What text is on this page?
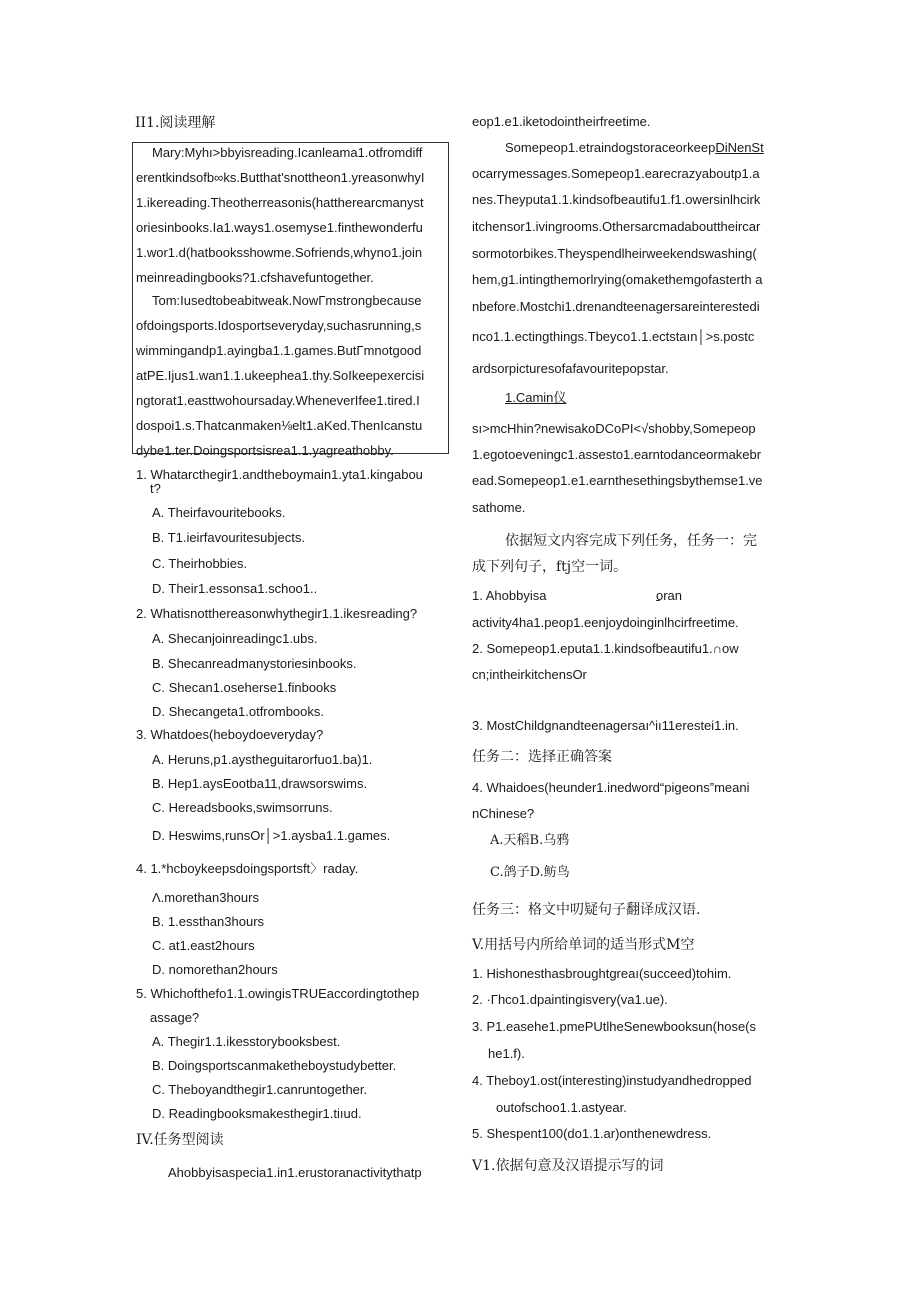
II1.阅读理解
Mary:Myhı>bbyisreading.Icanleama1.otfromdiff
erentkindsofb∞ks.Butthat'snottheon1.yreasonwhyI
1.ikereading.Theotherreasonis(hattherearcmanyst
oriesinbooks.Ia1.ways1.osemyse1.finthewonderfu
1.wor1.d(hatbooksshowme.Sofriends,whyno1.join
meinreadingbooks?1.cfshavefuntogether.
Tom:Iusedtobeabitweak.NowΓmstrongbecause
ofdoingsports.Idosportseveryday,suchasrunning,s
wimmingandp1.ayingba1.1.games.ButΓmnotgood
atPE.Ijus1.wan1.1.ukeephea1.thy.SoIkeepexercisi
ngtorat1.easttwohoursaday.WheneverIfee1.tired.I
dospoi1.s.Thatcanmaken⅛elt1.aKed.ThenIcanstu
dybe1.ter.Doingsportsisrea1.1.yagreathobby.
1. Whatarcthegir1.andtheboymain1.yta1.kingabou
t?
A. Theirfavouritebooks.
B. T1.ieirfavouritesubjects.
C. Theirhobbies.
D. Their1.essonsa1.schoo1..
2. Whatisnotthereasonwhythegir1.1.ikesreading?
A. Shecanjoinreadingc1.ubs.
B. Shecanreadmanystoriesinbooks.
C. Shecan1.oseherse1.finbooks
D. Shecangeta1.otfrombooks.
3. Whatdoes(heboydoeveryday?
A. Heruns,p1.aystheguitarorfuo1.ba)1.
B. Hep1.aysEootba11,drawsorswims.
C. Hereadsbooks,swimsorruns.
D. Heswims,runsOr│>1.aysba1.1.games.
4. 1.*hcboykeepsdoingsportsft〉raday.
Λ.morethan3hours
B. 1.essthan3hours
C. at1.east2hours
D. nomorethan2hours
5. Whichofthefo1.1.owingisTRUEaccordingtothep
assage?
A. Thegir1.1.ikesstorybooksbest.
B. Doingsportscanmaketheboystudybetter.
C. Theboyandthegir1.canruntogether.
D. Readingbooksmakesthegir1.tiıud.
IV.任务型阅读
Ahobbyisaspecia1.in1.erustoranactivitythatp
eop1.e1.iketodointheirfreetime.
Somepeop1.etraindogstoraceorkeepDiNenSt
ocarrymessages.Somepeop1.earecrazyaboutp1.a
nes.Theyputa1.1.kindsofbeautifu1.f1.owersinlhcirk
itchensor1.ivingrooms.Othersarcmadabouttheircar
sormotorbikes.Theyspendlheirweekendswashing(
hem,g1.intingthemorlrying(omakethemgofasterth a
nbefore.Mostchi1.drenandteenagersareinterestedi
nco1.1.ectingthings.Tbeyco1.1.ectstaın│>s.postc
ardsorpicturesofafavouritepopstar.
1.Camin仪
sı>mcHhin?newisakoDCoPI<√shobby,Somepeop
1.egotoeveningc1.assesto1.earntodanceormakebr
ead.Somepeop1.e1.earnthesethingsbythemse1.ve
sathome.
依据短文内容完成下列任务，任务一：完
成下列句子，ftj空一词。
1. Ahobbyisa	oran
activity4ha1.peop1.eenjoydoinginlhcirfreetime.
2. Somepeop1.eputa1.1.kindsofbeautifu1.∩ow
cn;intheirkitchensOr
3. MostChildgnandteenagersaı^iı11erestei1.in.
任务二：选择正确答案
4. Whaidoes(heunder1.inedword“pigeons”meani
nChinese?
A.天稻B.乌鸦
C.鸽子D.鲂鸟
任务三：格文中叨疑句子翻译成汉语.
V.用括号内所给单词的适当形式M空
1. Hishonesthasbroughtgreaı(succeed)tohim.
2. ·Γhco1.dpaintingisvery(va1.ue).
3. P1.easehe1.pmePUtlheSenewbooksun(hose(s
he1.f).
4. Theboy1.ost(interesting)instudyandhedropped
outofschoo1.1.astyear.
5. Shespent100(do1.1.ar)onthenewdress.
V1.依据句意及汉语提示写的词
